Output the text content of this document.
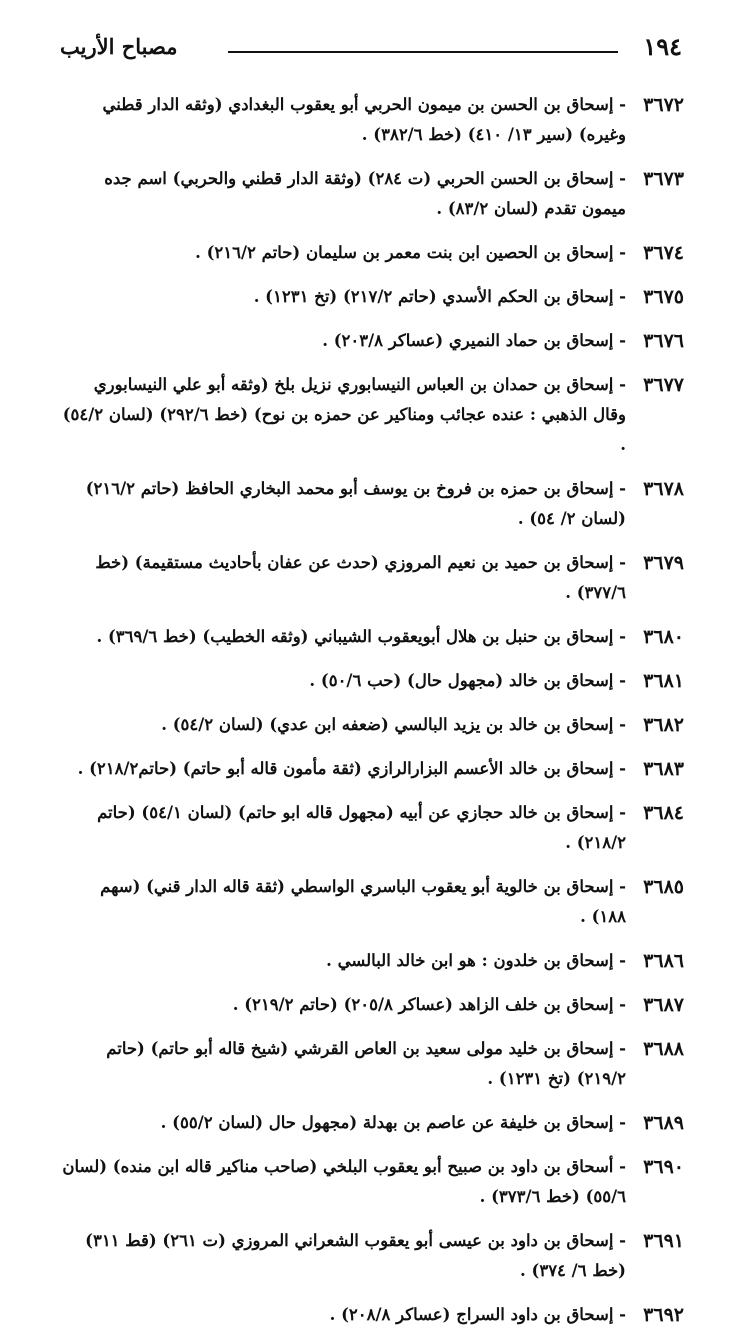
١٩٤
مصباح الأريب
٣٦٧٢
- إسحاق بن الحسن بن ميمون الحربي أبو يعقوب البغدادي (وثقه الدار قطني وغيره) (سير ١٣/ ٤١٠) (خط ٣٨٢/٦) .
٣٦٧٣
- إسحاق بن الحسن الحربي (ت ٢٨٤) (وثقة الدار قطني والحربي) اسم جده ميمون تقدم (لسان ٨٣/٢) .
٣٦٧٤
- إسحاق بن الحصين ابن بنت معمر بن سليمان (حاتم ٢١٦/٢) .
٣٦٧٥
- إسحاق بن الحكم الأسدي (حاتم ٢١٧/٢) (تخ ١٢٣١) .
٣٦٧٦
- إسحاق بن حماد النميري (عساكر ٢٠٣/٨) .
٣٦٧٧
- إسحاق بن حمدان بن العباس النيسابوري نزيل بلخ (وثقه أبو علي النيسابوري وقال الذهبي : عنده عجائب ومناكير عن حمزه بن نوح) (خط ٢٩٢/٦) (لسان ٥٤/٢) .
٣٦٧٨
- إسحاق بن حمزه بن فروخ بن يوسف أبو محمد البخاري الحافظ (حاتم ٢١٦/٢) (لسان ٢/ ٥٤) .
٣٦٧٩
- إسحاق بن حميد بن نعيم المروزي (حدث عن عفان بأحاديث مستقيمة) (خط ٣٧٧/٦) .
٣٦٨٠
- إسحاق بن حنبل بن هلال أبويعقوب الشيباني (وثقه الخطيب) (خط ٣٦٩/٦) .
٣٦٨١
- إسحاق بن خالد (مجهول حال) (حب ٥٠/٦) .
٣٦٨٢
- إسحاق بن خالد بن يزيد البالسي (ضعفه ابن عدي) (لسان ٥٤/٢) .
٣٦٨٣
- إسحاق بن خالد الأعسم البزارالرازي (ثقة مأمون قاله أبو حاتم) (حاتم٢١٨/٢) .
٣٦٨٤
- إسحاق بن خالد حجازي عن أبيه (مجهول قاله ابو حاتم) (لسان ٥٤/١) (حاتم ٢١٨/٢) .
٣٦٨٥
- إسحاق بن خالوية أبو يعقوب الباسري الواسطي (ثقة قاله الدار قني) (سهم ١٨٨) .
٣٦٨٦
- إسحاق بن خلدون : هو ابن خالد البالسي .
٣٦٨٧
- إسحاق بن خلف الزاهد (عساكر ٢٠٥/٨) (حاتم ٢١٩/٢) .
٣٦٨٨
- إسحاق بن خليد مولى سعيد بن العاص القرشي (شيخ قاله أبو حاتم) (حاتم ٢١٩/٢) (تخ ١٢٣١) .
٣٦٨٩
- إسحاق بن خليفة عن عاصم بن بهدلة (مجهول حال (لسان ٥٥/٢) .
٣٦٩٠
- أسحاق بن داود بن صبيح أبو يعقوب البلخي (صاحب مناكير قاله ابن منده) (لسان ٥٥/٦) (خط ٣٧٣/٦) .
٣٦٩١
- إسحاق بن داود بن عيسى أبو يعقوب الشعراني المروزي (ت ٢٦١) (قط ٣١١) (خط ٦/ ٣٧٤) .
٣٦٩٢
- إسحاق بن داود السراج (عساكر ٢٠٨/٨) .
